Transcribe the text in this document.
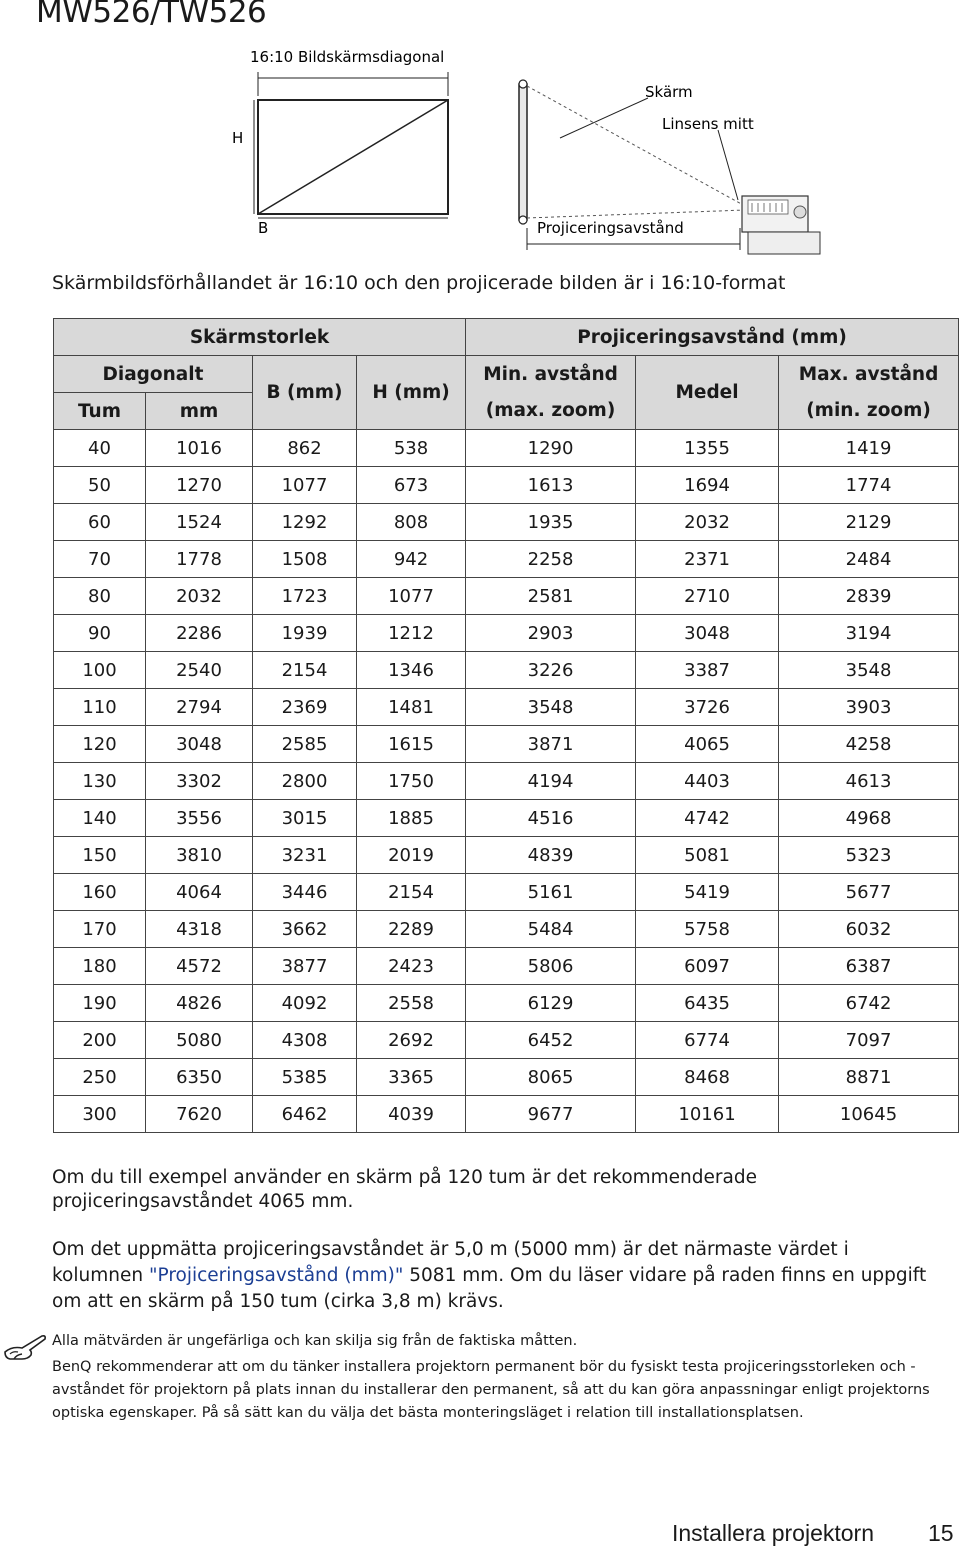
MW526/TW526
16:10 Bildskärmsdiagonal
H
B
Skärm
Linsens mitt
Projiceringsavstånd
Skärmbildsförhållandet är 16:10 och den projicerade bilden är i 16:10-format
Skärmstorlek				Projiceringsavstånd (mm)		
Diagonalt		B (mm)	H (mm)	Min. avstånd	Medel	Max. avstånd
Tum	mm			(max. zoom)		(min. zoom)
40	1016	862	538	1290	1355	1419
50	1270	1077	673	1613	1694	1774
60	1524	1292	808	1935	2032	2129
70	1778	1508	942	2258	2371	2484
80	2032	1723	1077	2581	2710	2839
90	2286	1939	1212	2903	3048	3194
100	2540	2154	1346	3226	3387	3548
110	2794	2369	1481	3548	3726	3903
120	3048	2585	1615	3871	4065	4258
130	3302	2800	1750	4194	4403	4613
140	3556	3015	1885	4516	4742	4968
150	3810	3231	2019	4839	5081	5323
160	4064	3446	2154	5161	5419	5677
170	4318	3662	2289	5484	5758	6032
180	4572	3877	2423	5806	6097	6387
190	4826	4092	2558	6129	6435	6742
200	5080	4308	2692	6452	6774	7097
250	6350	5385	3365	8065	8468	8871
300	7620	6462	4039	9677	10161	10645
Om du till exempel använder en skärm på 120 tum är det rekommenderade projiceringsavståndet 4065 mm.
Om det uppmätta projiceringsavståndet är 5,0 m (5000 mm) är det närmaste värdet i kolumnen "Projiceringsavstånd (mm)" 5081 mm. Om du läser vidare på raden finns en uppgift om att en skärm på 150 tum (cirka 3,8 m) krävs.
Alla mätvärden är ungefärliga och kan skilja sig från de faktiska måtten.
BenQ rekommenderar att om du tänker installera projektorn permanent bör du fysiskt testa projiceringsstorleken och -avståndet för projektorn på plats innan du installerar den permanent, så att du kan göra anpassningar enligt projektorns optiska egenskaper. På så sätt kan du välja det bästa monteringsläget i relation till installationsplatsen.
Installera projektorn 15
